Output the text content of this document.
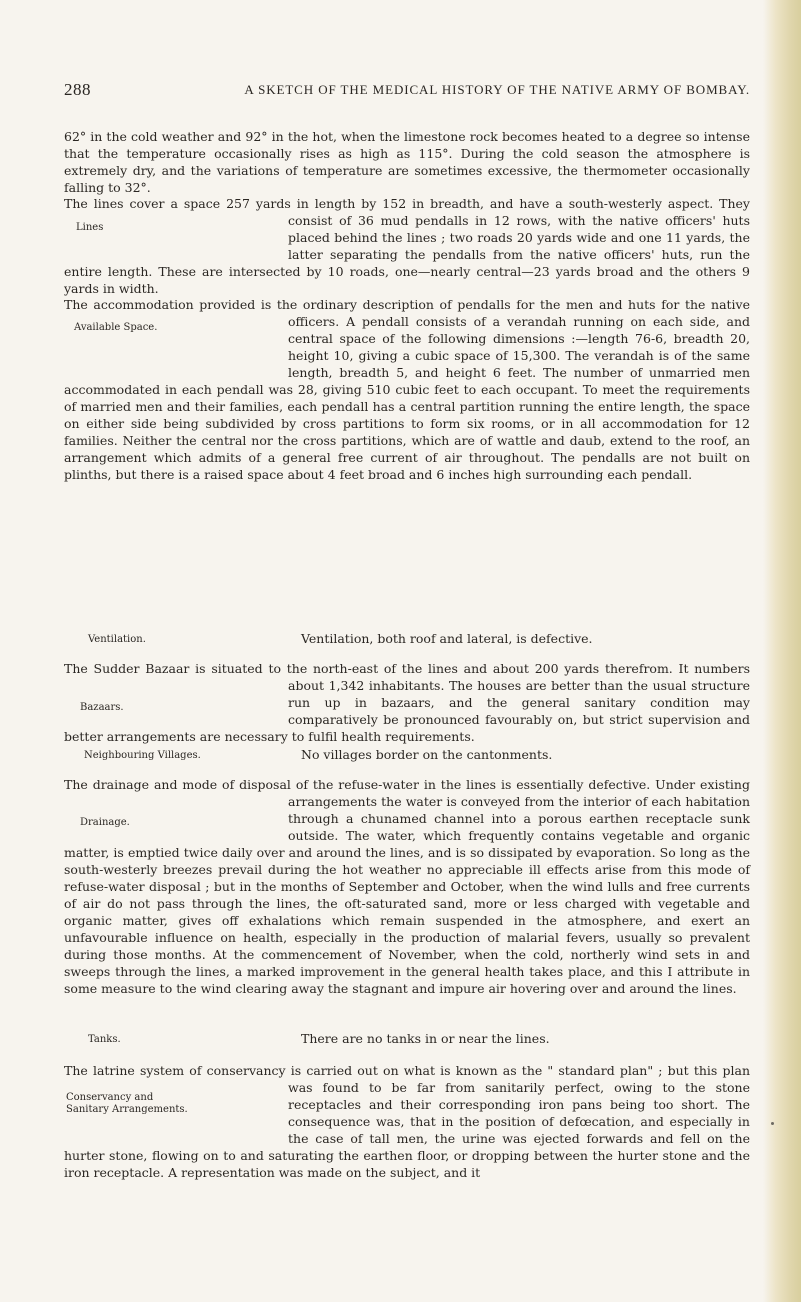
288	A SKETCH OF THE MEDICAL HISTORY OF THE NATIVE ARMY OF BOMBAY.

62° in the cold weather and 92° in the hot, when the limestone rock becomes heated to a degree so intense that the temperature occasionally rises as high as 115°. During the cold season the atmosphere is extremely dry, and the variations of temperature are sometimes excessive, the thermometer occasionally falling to 32°.

The lines cover a space 257 yards in length by 152 in breadth, and have a south-westerly aspect. They consist of 36 mud pendalls in 12 rows, with the native officers' huts placed behind the lines ; two roads 20 yards wide and one 11 yards, the latter separating the pendalls from the native officers' huts, run the entire length. These are intersected by 10 roads, one—nearly central—23 yards broad and the others 9 yards in width.

Lines

The accommodation provided is the ordinary description of pendalls for the men and huts for the native officers. A pendall consists of a verandah running on each side, and central space of the following dimensions :—length 76-6, breadth 20, height 10, giving a cubic space of 15,300. The verandah is of the same length, breadth 5, and height 6 feet. The number of unmarried men accommodated in each pendall was 28, giving 510 cubic feet to each occupant. To meet the requirements of married men and their families, each pendall has a central partition running the entire length, the space on either side being subdivided by cross partitions to form six rooms, or in all accommodation for 12 families. Neither the central nor the cross partitions, which are of wattle and daub, extend to the roof, an arrangement which admits of a general free current of air throughout. The pendalls are not built on plinths, but there is a raised space about 4 feet broad and 6 inches high surrounding each pendall.

Available Space.

Ventilation.	Ventilation, both roof and lateral, is defective.

The Sudder Bazaar is situated to the north-east of the lines and about 200 yards therefrom. It numbers about 1,342 inhabitants. The houses are better than the usual structure run up in bazaars, and the general sanitary condition may comparatively be pronounced favourably on, but strict supervision and better arrangements are necessary to fulfil health requirements.

Bazaars.
Neighbouring Villages.	No villages border on the cantonments.

The drainage and mode of disposal of the refuse-water in the lines is essentially defective. Under existing arrangements the water is conveyed from the interior of each habitation through a chunamed channel into a porous earthen receptacle sunk outside. The water, which frequently contains vegetable and organic matter, is emptied twice daily over and around the lines, and is so dissipated by evaporation. So long as the south-westerly breezes prevail during the hot weather no appreciable ill effects arise from this mode of refuse-water disposal ; but in the months of September and October, when the wind lulls and free currents of air do not pass through the lines, the oft-saturated sand, more or less charged with vegetable and organic matter, gives off exhalations which remain suspended in the atmosphere, and exert an unfavourable influence on health, especially in the production of malarial fevers, usually so prevalent during those months. At the commencement of November, when the cold, northerly wind sets in and sweeps through the lines, a marked improvement in the general health takes place, and this I attribute in some measure to the wind clearing away the stagnant and impure air hovering over and around the lines.

Drainage.
Tanks.	There are no tanks in or near the lines.

The latrine system of conservancy is carried out on what is known as the " standard plan" ; but this plan was found to be far from sanitarily perfect, owing to the stone receptacles and their corresponding iron pans being too short. The consequence was, that in the position of defœcation, and especially in the case of tall men, the urine was ejected forwards and fell on the hurter stone, flowing on to and saturating the earthen floor, or dropping between the hurter stone and the iron receptacle. A representation was made on the subject, and it

Conservancy and Sanitary Arrangements.
